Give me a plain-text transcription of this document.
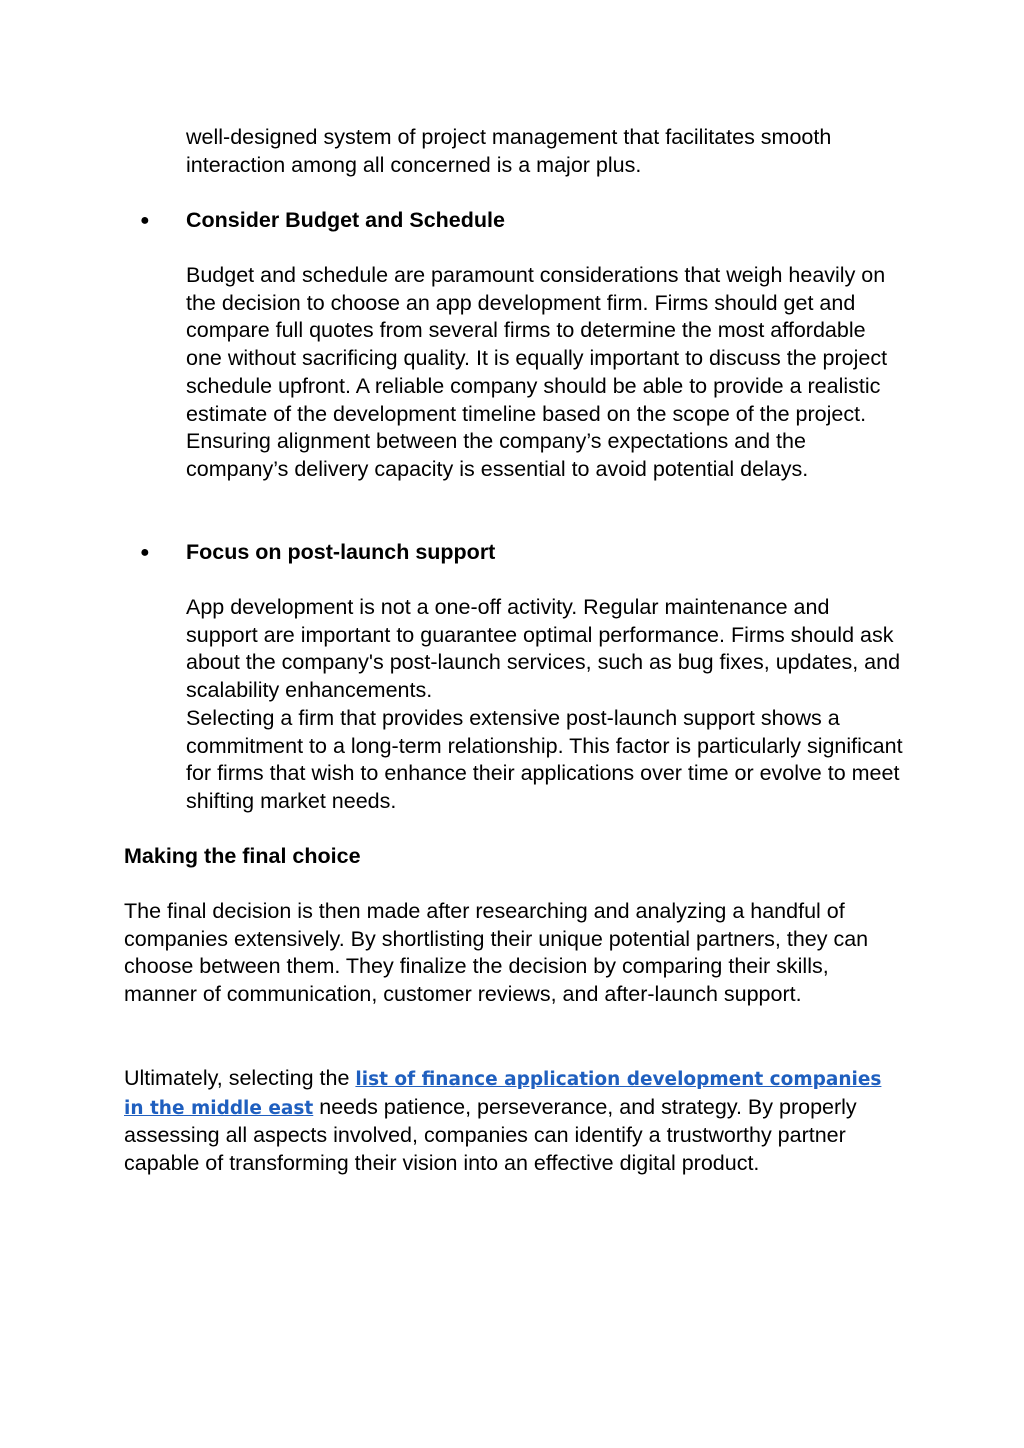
well-designed system of project management that facilitates smooth interaction among all concerned is a major plus.

● Consider Budget and Schedule

Budget and schedule are paramount considerations that weigh heavily on the decision to choose an app development firm. Firms should get and compare full quotes from several firms to determine the most affordable one without sacrificing quality. It is equally important to discuss the project schedule upfront. A reliable company should be able to provide a realistic estimate of the development timeline based on the scope of the project. Ensuring alignment between the company’s expectations and the company’s delivery capacity is essential to avoid potential delays.

● Focus on post-launch support

App development is not a one-off activity. Regular maintenance and support are important to guarantee optimal performance. Firms should ask about the company's post-launch services, such as bug fixes, updates, and scalability enhancements.

Selecting a firm that provides extensive post-launch support shows a commitment to a long-term relationship. This factor is particularly significant for firms that wish to enhance their applications over time or evolve to meet shifting market needs.

Making the final choice

The final decision is then made after researching and analyzing a handful of companies extensively. By shortlisting their unique potential partners, they can choose between them. They finalize the decision by comparing their skills, manner of communication, customer reviews, and after-launch support.

Ultimately, selecting the list of finance application development companies in the middle east needs patience, perseverance, and strategy. By properly assessing all aspects involved, companies can identify a trustworthy partner capable of transforming their vision into an effective digital product.
